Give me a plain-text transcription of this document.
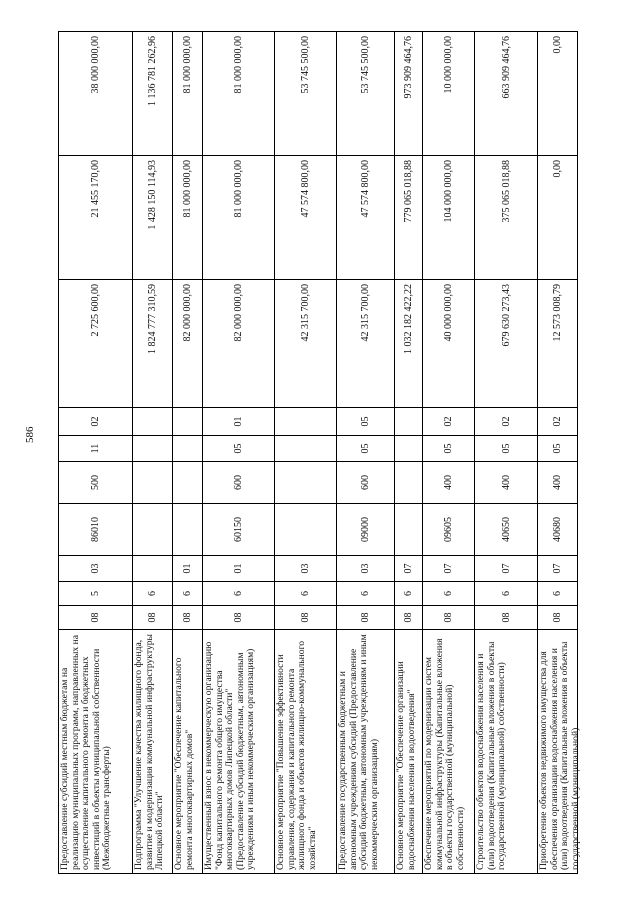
586
Предоставление субсидий местным бюджетам на реализацию муниципальных программ, направленных на осуществление капитального ремонта и бюджетных инвестиций в объекты муниципальной собственности (Межбюджетные трансферты)
08
5
03
86010
500
11
02
2 725 600,00
21 455 170,00
38 000 000,00
Подпрограмма "Улучшение качества жилищного фонда, развитие и модернизация коммунальной инфраструктуры Липецкой области"
08
6
1 824 777 310,59
1 428 150 114,93
1 136 781 262,96
Основное мероприятие "Обеспечение капитального ремонта многоквартирных домов"
08
6
01
82 000 000,00
81 000 000,00
81 000 000,00
Имущественный взнос в некоммерческую организацию "Фонд капитального ремонта общего имущества многоквартирных домов Липецкой области" (Предоставление субсидий бюджетным, автономным учреждениям и иным некоммерческим организациям)
08
6
01
60150
600
05
01
82 000 000,00
81 000 000,00
81 000 000,00
Основное мероприятие "Повышение эффективности управления, содержания и капитального ремонта жилищного фонда и объектов жилищно-коммунального хозяйства"
08
6
03
42 315 700,00
47 574 800,00
53 745 500,00
Предоставление государственным бюджетным и автономным учреждениям субсидий (Предоставление субсидий бюджетным, автономным учреждениям и иным некоммерческим организациям)
08
6
03
09000
600
05
05
42 315 700,00
47 574 800,00
53 745 500,00
Основное мероприятие "Обеспечение организации водоснабжения населения и водоотведения"
08
6
07
1 032 182 422,22
779 065 018,88
973 909 464,76
Обеспечение мероприятий по модернизации систем коммунальной инфраструктуры (Капитальные вложения в объекты государственной (муниципальной) собственности)
08
6
07
09605
400
05
02
40 000 000,00
104 000 000,00
10 000 000,00
Строительство объектов водоснабжения населения и (или) водоотведения (Капитальные вложения в объекты государственной (муниципальной) собственности)
08
6
07
40650
400
05
02
679 630 273,43
375 065 018,88
663 909 464,76
Приобретение объектов недвижимого имущества для обеспечения организации водоснабжения населения и (или) водоотведения (Капитальные вложения в объекты государственной (муниципальной)
08
6
07
40680
400
05
02
12 573 008,79
0,00
0,00
